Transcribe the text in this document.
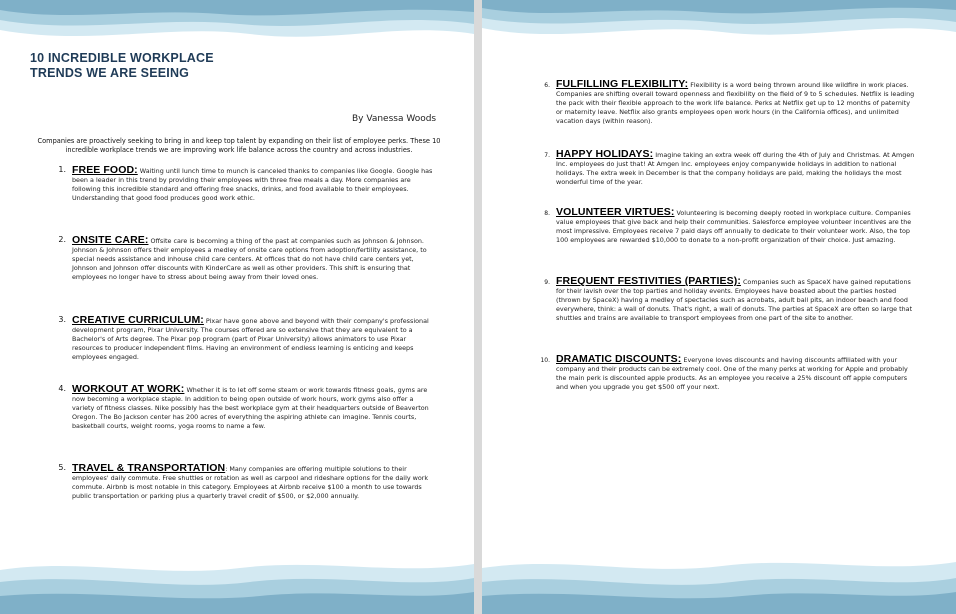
10 INCREDIBLE WORKPLACE
TRENDS WE ARE SEEING
By Vanessa Woods
Companies are proactively seeking to bring in and keep top talent by expanding on their list of employee perks. These 10 incredible workplace trends we are improving work life balance across the country and across industries.
1. FREE FOOD: Waiting until lunch time to munch is canceled thanks to companies like Google. Google has been a leader in this trend by providing their employees with three free meals a day. More companies are following this incredible standard and offering free snacks, drinks, and food available to their employees. Understanding that good food produces good work ethic.
2. ONSITE CARE: Offsite care is becoming a thing of the past at companies such as Johnson & Johnson. Johnson & Johnson offers their employees a medley of onsite care options from adoption/fertility assistance, to special needs assistance and inhouse child care centers. At offices that do not have child care centers yet, Johnson and Johnson offer discounts with KinderCare as well as other providers. This shift is ensuring that employees no longer have to stress about being away from their loved ones.
3. CREATIVE CURRICULUM: Pixar have gone above and beyond with their company's professional development program, Pixar University. The courses offered are so extensive that they are equivalent to a Bachelor's of Arts degree. The Pixar pop program (part of Pixar University) allows animators to use Pixar resources to producer independent films. Having an environment of endless learning is enticing and keeps employees engaged.
4. WORKOUT AT WORK: Whether it is to let off some steam or work towards fitness goals, gyms are now becoming a workplace staple. In addition to being open outside of work hours, work gyms also offer a variety of fitness classes. Nike possibly has the best workplace gym at their headquarters outside of Beaverton Oregon. The Bo Jackson center has 200 acres of everything the aspiring athlete can imagine. Tennis courts, basketball courts, weight rooms, yoga rooms to name a few.
5. TRAVEL & TRANSPORTATION: Many companies are offering multiple solutions to their employees' daily commute. Free shuttles or rotation as well as carpool and rideshare options for the daily work commute. Airbnb is most notable in this category. Employees at Airbnb receive $100 a month to use towards public transportation or parking plus a quarterly travel credit of $500, or $2,000 annually.
6. FULFILLING FLEXIBILITY: Flexibility is a word being thrown around like wildfire in work places. Companies are shifting overall toward openness and flexibility on the field of 9 to 5 schedules. Netflix is leading the pack with their flexible approach to the work life balance. Perks at Netflix get up to 12 months of paternity or maternity leave. Netflix also grants employees open work hours (in the California offices), and unlimited vacation days (within reason).
7. HAPPY HOLIDAYS: Imagine taking an extra week off during the 4th of July and Christmas. At Amgen Inc. employees do just that! At Amgen Inc. employees enjoy companywide holidays in addition to national holidays. The extra week in December is that the company holidays are paid, making the holidays the most wonderful time of the year.
8. VOLUNTEER VIRTUES: Volunteering is becoming deeply rooted in workplace culture. Companies value employees that give back and help their communities. Salesforce employee volunteer incentives are the most impressive. Employees receive 7 paid days off annually to dedicate to their volunteer work. Also, the top 100 employees are rewarded $10,000 to donate to a non-profit organization of their choice. Just amazing.
9. FREQUENT FESTIVITIES (PARTIES): Companies such as SpaceX have gained reputations for their lavish over the top parties and holiday events. Employees have boasted about the parties hosted (thrown by SpaceX) having a medley of spectacles such as acrobats, adult ball pits, an indoor beach and food everywhere, think: a wall of donuts. That's right, a wall of donuts. The parties at SpaceX are often so large that shuttles and trains are available to transport employees from one part of the site to another.
10. DRAMATIC DISCOUNTS: Everyone loves discounts and having discounts affiliated with your company and their products can be extremely cool. One of the many perks at working for Apple and probably the main perk is discounted apple products. As an employee you receive a 25% discount off apple computers and when you upgrade you get $500 off your next.
